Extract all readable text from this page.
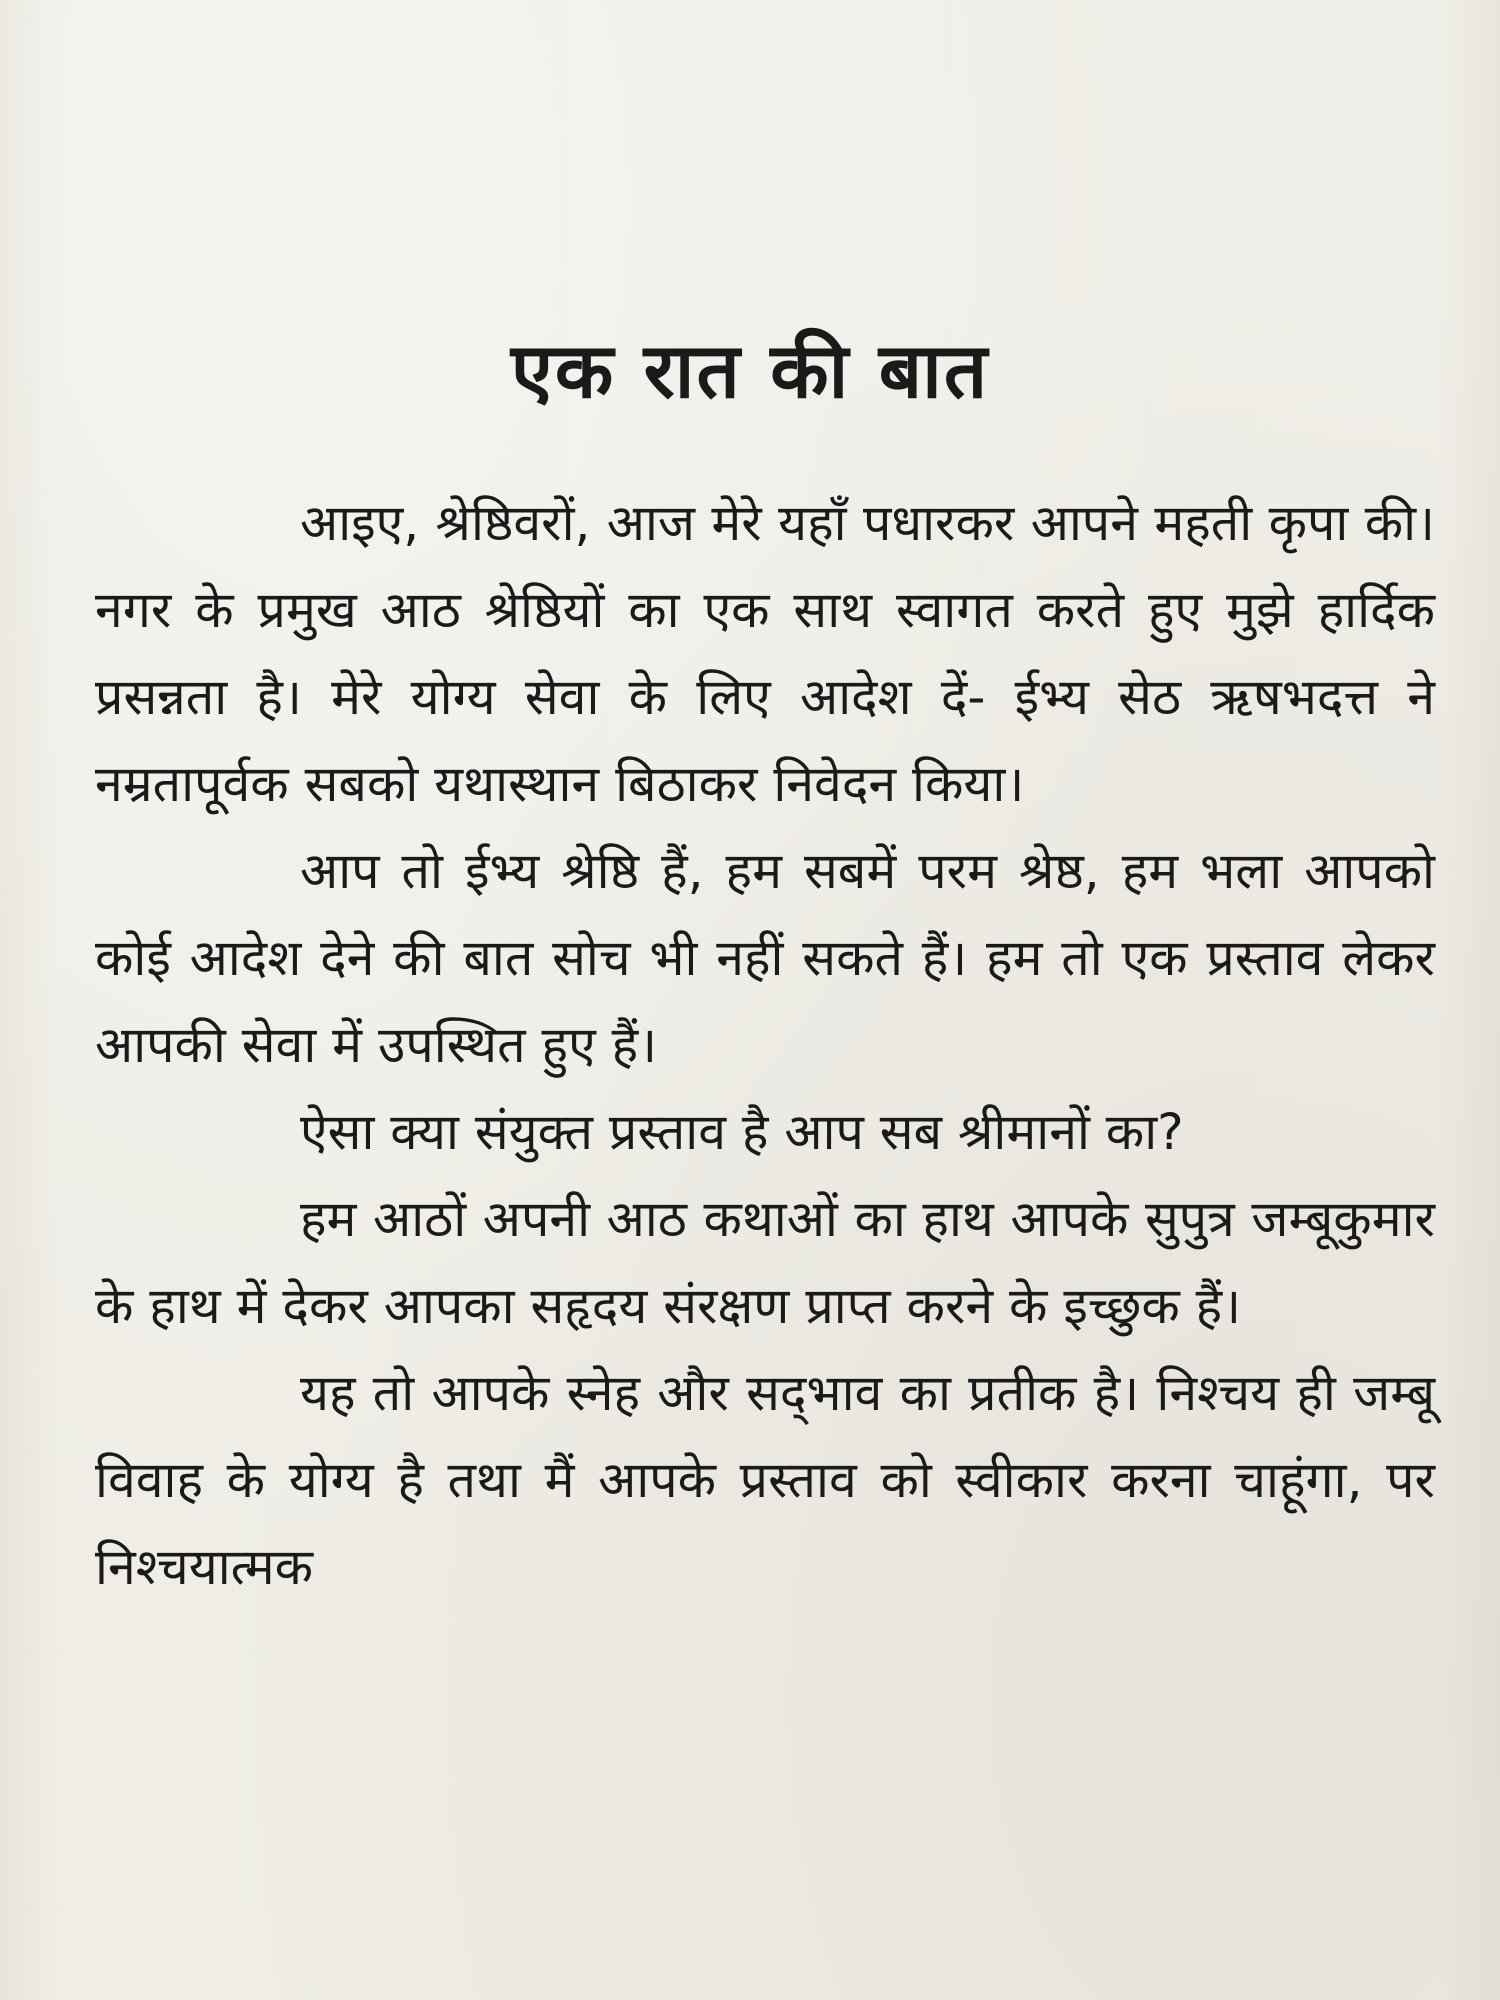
एक रात की बात

आइए, श्रेष्ठिवरों, आज मेरे यहाँ पधारकर आपने महती कृपा की। नगर के प्रमुख आठ श्रेष्ठियों का एक साथ स्वागत करते हुए मुझे हार्दिक प्रसन्नता है। मेरे योग्य सेवा के लिए आदेश दें- ईभ्य सेठ ऋषभदत्त ने नम्रतापूर्वक सबको यथास्थान बिठाकर निवेदन किया।

आप तो ईभ्य श्रेष्ठि हैं, हम सबमें परम श्रेष्ठ, हम भला आपको कोई आदेश देने की बात सोच भी नहीं सकते हैं। हम तो एक प्रस्ताव लेकर आपकी सेवा में उपस्थित हुए हैं।

ऐसा क्या संयुक्त प्रस्ताव है आप सब श्रीमानों का?

हम आठों अपनी आठ कथाओं का हाथ आपके सुपुत्र जम्बूकुमार के हाथ में देकर आपका सहृदय संरक्षण प्राप्त करने के इच्छुक हैं।

यह तो आपके स्नेह और सद्‌भाव का प्रतीक है। निश्चय ही जम्बू विवाह के योग्य है तथा मैं आपके प्रस्ताव को स्वीकार करना चाहूंगा, पर निश्चयात्मक
